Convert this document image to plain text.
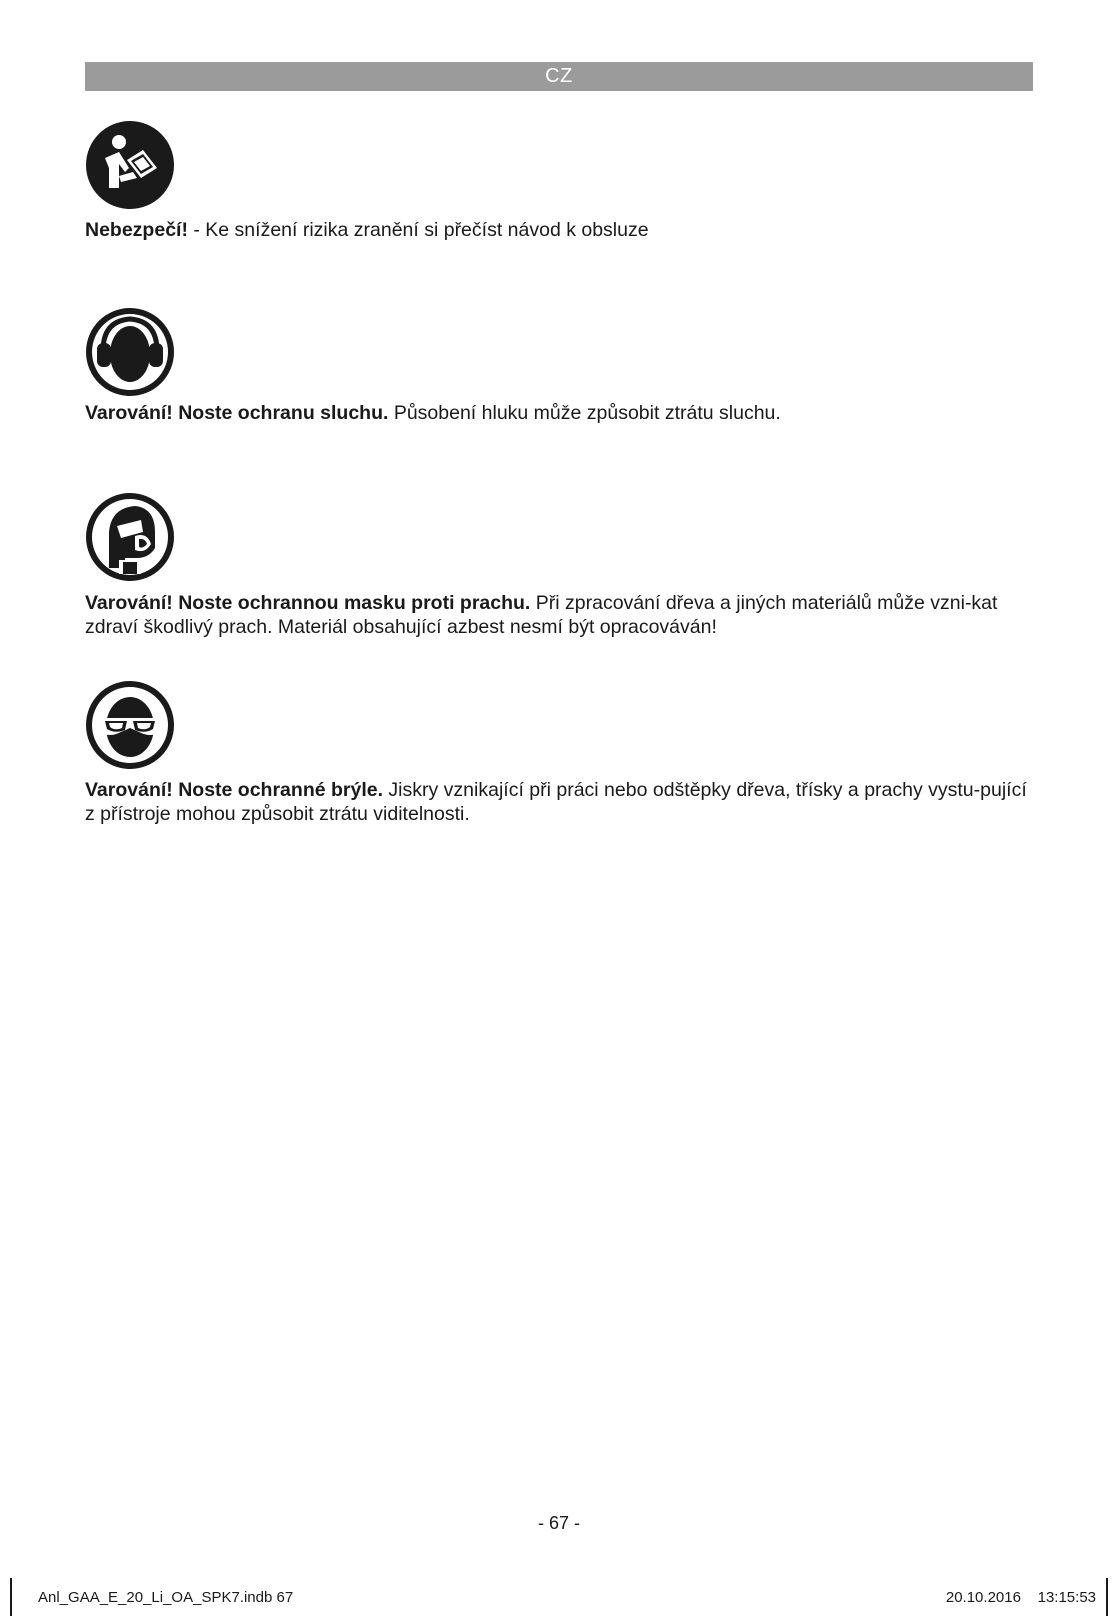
CZ
Nebezpečí! - Ke snížení rizika zranění si přečíst návod k obsluze
Varování! Noste ochranu sluchu. Působení hluku může způsobit ztrátu sluchu.
Varování! Noste ochrannou masku proti prachu. Při zpracování dřeva a jiných materiálů může vzni-kat zdraví škodlivý prach. Materiál obsahující azbest nesmí být opracováván!
Varování! Noste ochranné brýle. Jiskry vznikající při práci nebo odštěpky dřeva, třísky a prachy vystu-pující z přístroje mohou způsobit ztrátu viditelnosti.
- 67 -
Anl_GAA_E_20_Li_OA_SPK7.indb 67	20.10.2016 13:15:53
